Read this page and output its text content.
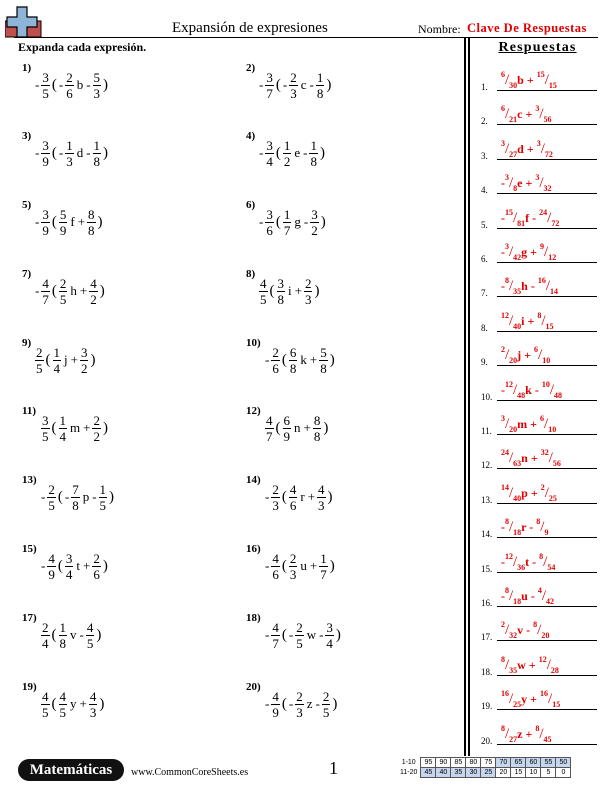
Expansión de expresiones	Nombre: Clave De Respuestas
Expanda cada expresión.
1)
- $\frac{3}{5}$ ( - $\frac{2}{6}$ b - $\frac{5}{3}$ )
2)
- $\frac{3}{7}$ ( - $\frac{2}{3}$ c - $\frac{1}{8}$ )
3)
- $\frac{3}{9}$ ( - $\frac{1}{3}$ d - $\frac{1}{8}$ )
4)
- $\frac{3}{4}$ ( $\frac{1}{2}$ e - $\frac{1}{8}$ )
5)
- $\frac{3}{9}$ ( $\frac{5}{9}$ $f + \frac{8}{8}$ )
6)
- $\frac{3}{6}$ ( $\frac{1}{7}$ g - $\frac{3}{2}$ )
7)
- $\frac{4}{7}$ ( $\frac{2}{5}$ $h + \frac{4}{2}$ )
8)
$\frac{4}{5}$ ( $\frac{3}{8}$ $i + \frac{2}{3}$ )
9)
$\frac{2}{5}$ ( $\frac{1}{4}$ $j + \frac{3}{2}$ )
10)
- $\frac{2}{6}$ ( $\frac{6}{8}$ $k + \frac{5}{8}$ )
11)
$\frac{3}{5}$ ( $\frac{1}{4}$ $m + \frac{2}{2}$ )
12)
$\frac{4}{7}$ ( $\frac{6}{9}$ $n + \frac{8}{8}$ )
13)
- $\frac{2}{5}$ ( - $\frac{7}{8}$ p - $\frac{1}{5}$ )
14)
- $\frac{2}{3}$ ( $\frac{4}{6}$ $r + \frac{4}{3}$ )
15)
- $\frac{4}{9}$ ( $\frac{3}{4}$ $t + \frac{2}{6}$ )
16)
- $\frac{4}{6}$ ( $\frac{2}{3}$ $u + \frac{1}{7}$ )
17)
$\frac{2}{4}$ ( $\frac{1}{8}$ v - $\frac{4}{5}$ )
18)
- $\frac{4}{7}$ ( - $\frac{2}{5}$ w - $\frac{3}{4}$ )
19)
$\frac{4}{5}$ ( $\frac{4}{5}$ $y + \frac{4}{3}$ )
20)
- $\frac{4}{9}$ ( - $\frac{2}{3}$ z - $\frac{2}{5}$ )
Respuestas
1.
$^6/_{30}b + ^{15}/_{15}$
2.
$^6/_{21}c + ^3/_{56}$
3.
$^3/_{27}d + ^3/_{72}$
4. $-^3/_8e + ^3/_{32}$
5. $-^{15}/_{81}f - ^{24}/_{72}$
6. $-^3/_{42}g + ^9/_{12}$
7. $-^8/_{35}h - ^{16}/_{14}$
8.
$^{12}/_{40}i + ^8/_{15}$
9.
$^2/_{20}j + ^6/_{10}$
10. $-^{12}/_{48}k - ^{10}/_{48}$
11.
$^3/_{20}m + ^6/_{10}$
12.
$^{24}/_{63}n + ^{32}/_{56}$
13.
$^{14}/_{40}p + ^2/_{25}$
14. $-^8/_{18}r - ^8/_9$
15. $-^{12}/_{36}t - ^8/_{54}$
16. $-^8/_{18}u - ^4/_{42}$
17.
$^2/_{32}v - ^8/_{20}$
18.
$^8/_{35}w + ^{12}/_{28}$
19.
$^{16}/_{25}y + ^{16}/_{15}$
20.
$^8/_{27}z + ^8/_{45}$
Matemáticas	www.CommonCoreSheets.es	1	1-10	95	90	85	80	75	70	65	60	55	50
11-20	45	40	35	30	25	20	15	10	5	0
